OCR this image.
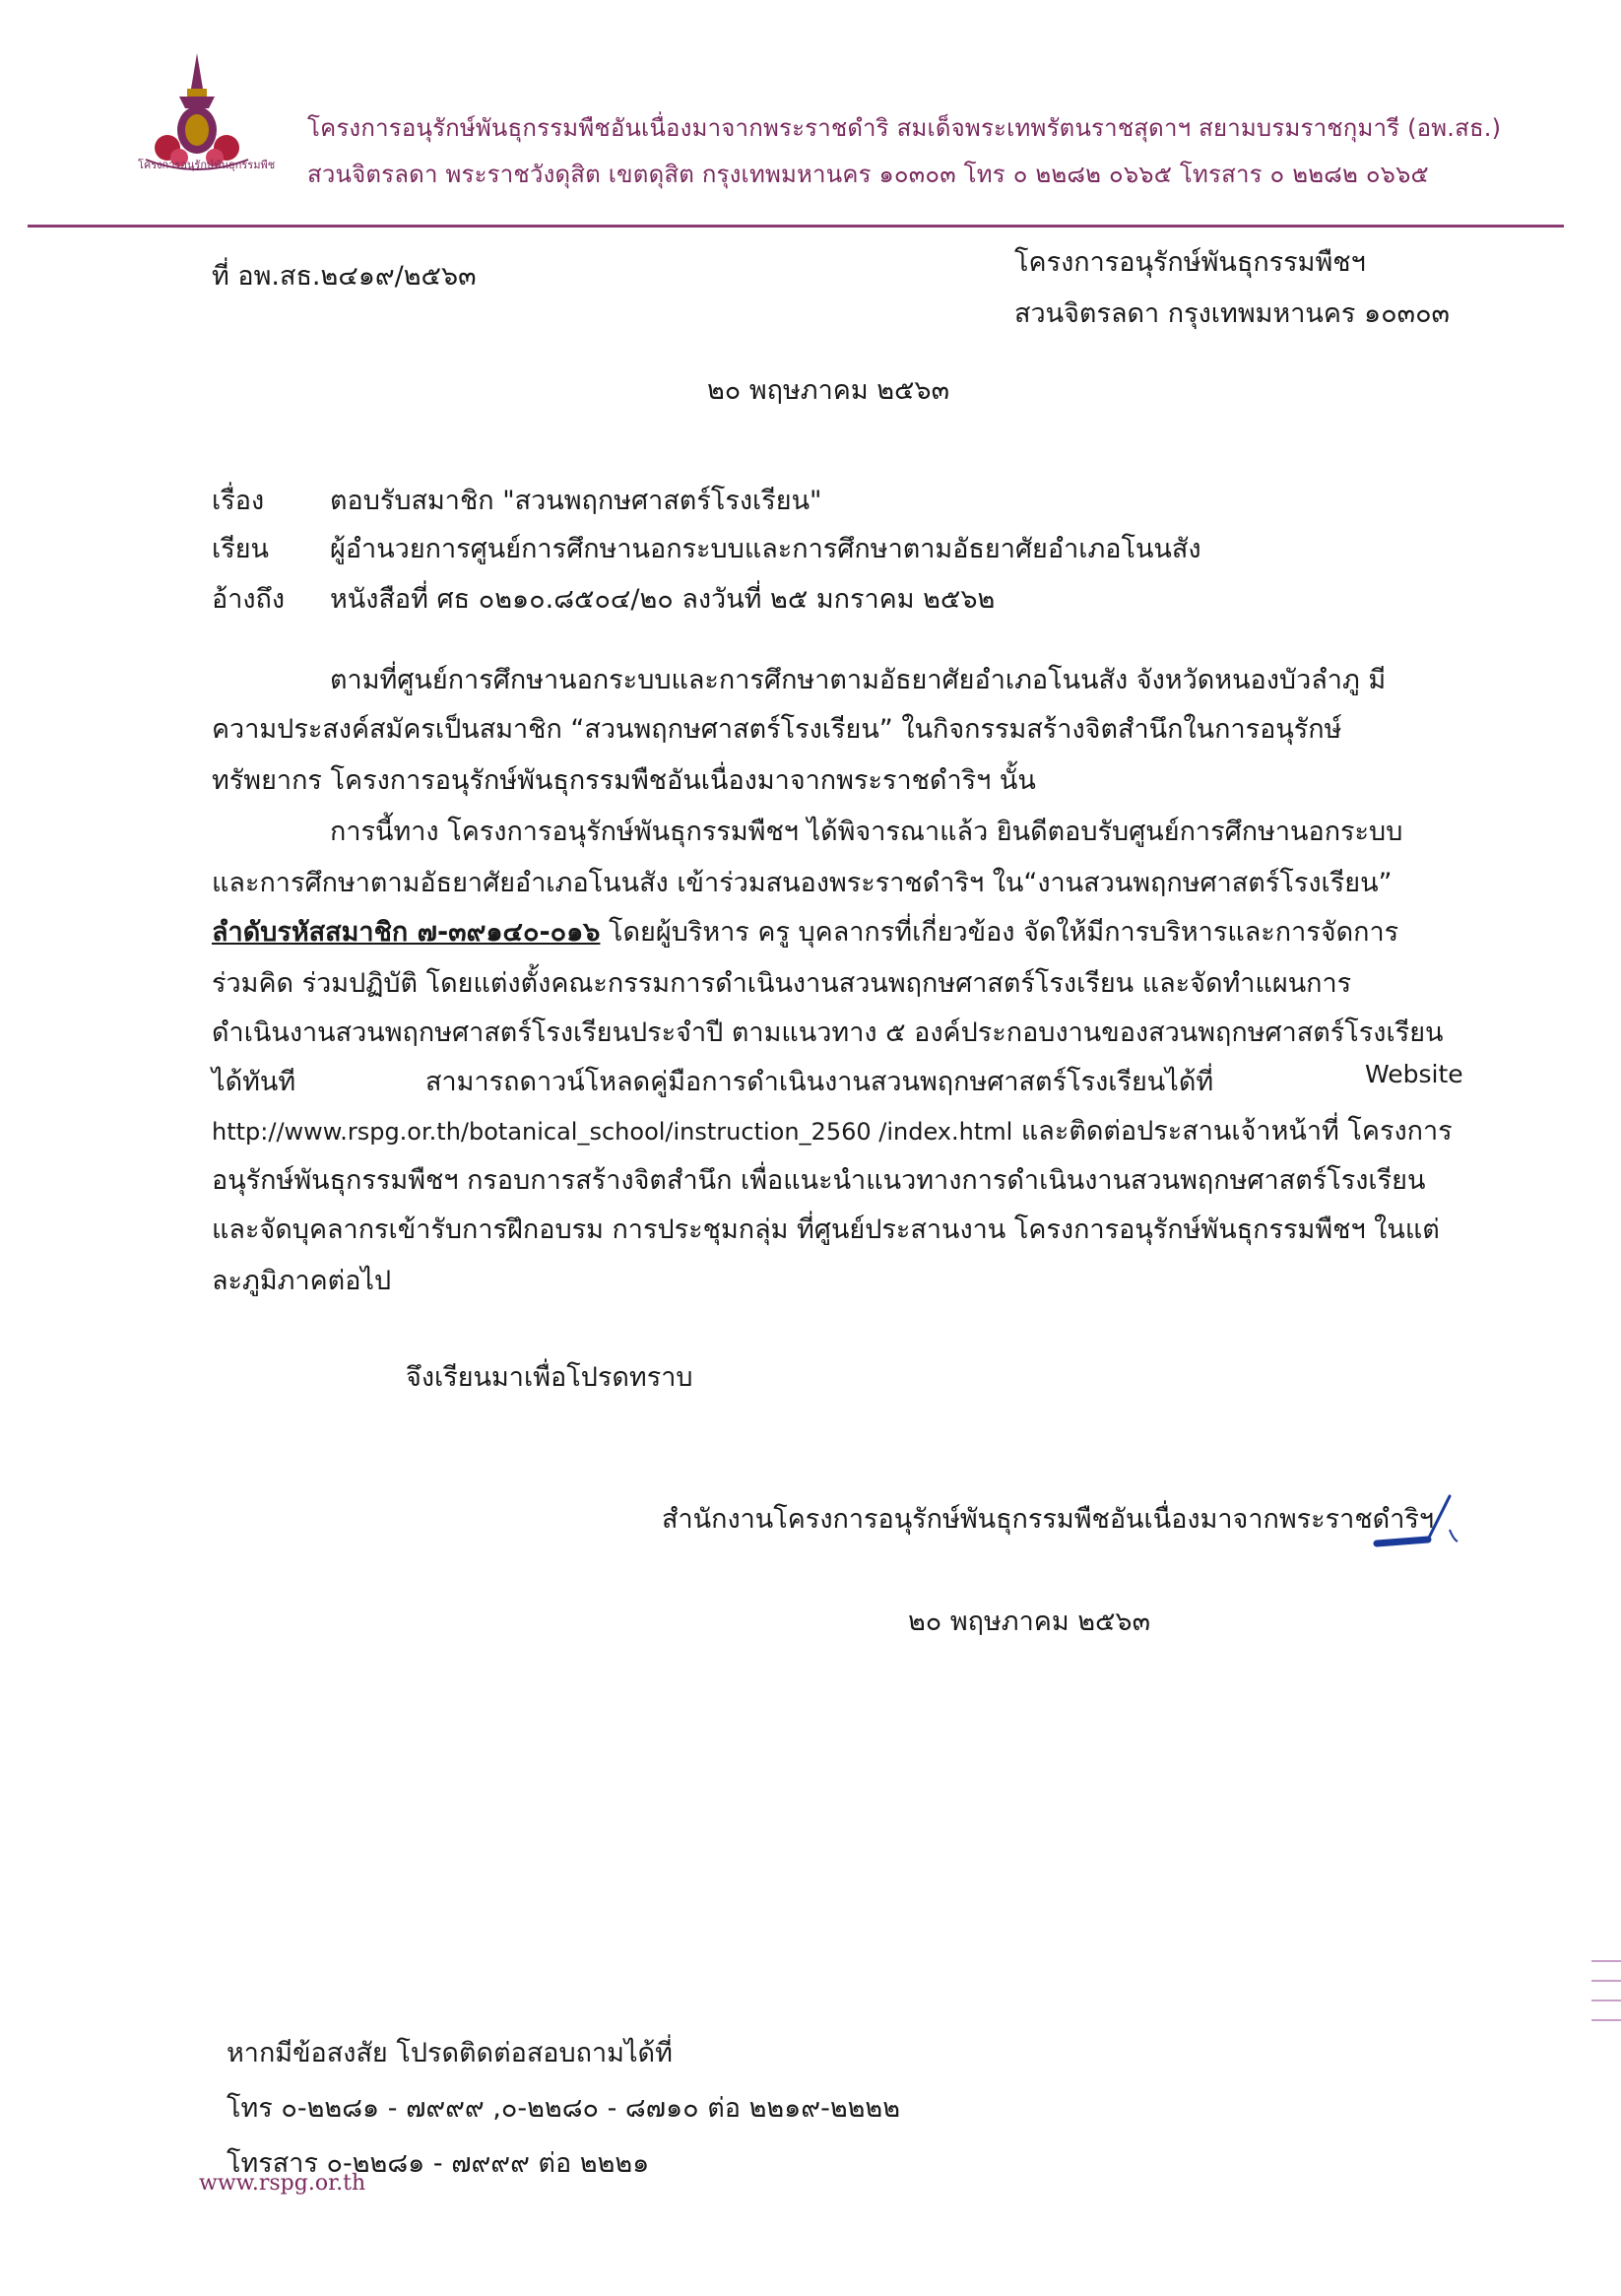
โครงการอนุรักษ์พันธุกรรมพืช
โครงการอนุรักษ์พันธุกรรมพืชอันเนื่องมาจากพระราชดำริ สมเด็จพระเทพรัตนราชสุดาฯ สยามบรมราชกุมารี (อพ.สธ.)
สวนจิตรลดา พระราชวังดุสิต เขตดุสิต กรุงเทพมหานคร ๑๐๓๐๓ โทร ๐ ๒๒๘๒ ๐๖๖๕ โทรสาร ๐ ๒๒๘๒ ๐๖๖๕
ที่ อพ.สธ.๒๔๑๙/๒๕๖๓	โครงการอนุรักษ์พันธุกรรมพืชฯ
สวนจิตรลดา กรุงเทพมหานคร ๑๐๓๐๓
๒๐ พฤษภาคม ๒๕๖๓
เรื่อง ตอบรับสมาชิก "สวนพฤกษศาสตร์โรงเรียน"
เรียน ผู้อำนวยการศูนย์การศึกษานอกระบบและการศึกษาตามอัธยาศัยอำเภอโนนสัง
อ้างถึง หนังสือที่ ศธ ๐๒๑๐.๘๕๐๔/๒๐ ลงวันที่ ๒๕ มกราคม ๒๕๖๒
ตามที่ศูนย์การศึกษานอกระบบและการศึกษาตามอัธยาศัยอำเภอโนนสัง จังหวัดหนองบัวลำภู มี
ความประสงค์สมัครเป็นสมาชิก “สวนพฤกษศาสตร์โรงเรียน” ในกิจกรรมสร้างจิตสำนึกในการอนุรักษ์
ทรัพยากร โครงการอนุรักษ์พันธุกรรมพืชอันเนื่องมาจากพระราชดำริฯ นั้น
การนี้ทาง โครงการอนุรักษ์พันธุกรรมพืชฯ ได้พิจารณาแล้ว ยินดีตอบรับศูนย์การศึกษานอกระบบ
และการศึกษาตามอัธยาศัยอำเภอโนนสัง เข้าร่วมสนองพระราชดำริฯ ใน“งานสวนพฤกษศาสตร์โรงเรียน”
ลำดับรหัสสมาชิก ๗-๓๙๑๔๐-๐๑๖ โดยผู้บริหาร ครู บุคลากรที่เกี่ยวข้อง จัดให้มีการบริหารและการจัดการ
ร่วมคิด ร่วมปฏิบัติ โดยแต่งตั้งคณะกรรมการดำเนินงานสวนพฤกษศาสตร์โรงเรียน และจัดทำแผนการ
ดำเนินงานสวนพฤกษศาสตร์โรงเรียนประจำปี ตามแนวทาง ๕ องค์ประกอบงานของสวนพฤกษศาสตร์โรงเรียน
ได้ทันที	สามารถดาวน์โหลดคู่มือการดำเนินงานสวนพฤกษศาสตร์โรงเรียนได้ที่	Website
http://www.rspg.or.th/botanical_school/instruction_2560 /index.html และติดต่อประสานเจ้าหน้าที่ โครงการ
อนุรักษ์พันธุกรรมพืชฯ กรอบการสร้างจิตสำนึก เพื่อแนะนำแนวทางการดำเนินงานสวนพฤกษศาสตร์โรงเรียน
และจัดบุคลากรเข้ารับการฝึกอบรม การประชุมกลุ่ม ที่ศูนย์ประสานงาน โครงการอนุรักษ์พันธุกรรมพืชฯ ในแต่
ละภูมิภาคต่อไป
จึงเรียนมาเพื่อโปรดทราบ
สำนักงานโครงการอนุรักษ์พันธุกรรมพืชอันเนื่องมาจากพระราชดำริฯ
๒๐ พฤษภาคม ๒๕๖๓
หากมีข้อสงสัย โปรดติดต่อสอบถามได้ที่
โทร ๐-๒๒๘๑ - ๗๙๙๙ ,๐-๒๒๘๐ - ๘๗๑๐ ต่อ ๒๒๑๙-๒๒๒๒
โทรสาร ๐-๒๒๘๑ - ๗๙๙๙ ต่อ ๒๒๒๑
www.rspg.or.th
